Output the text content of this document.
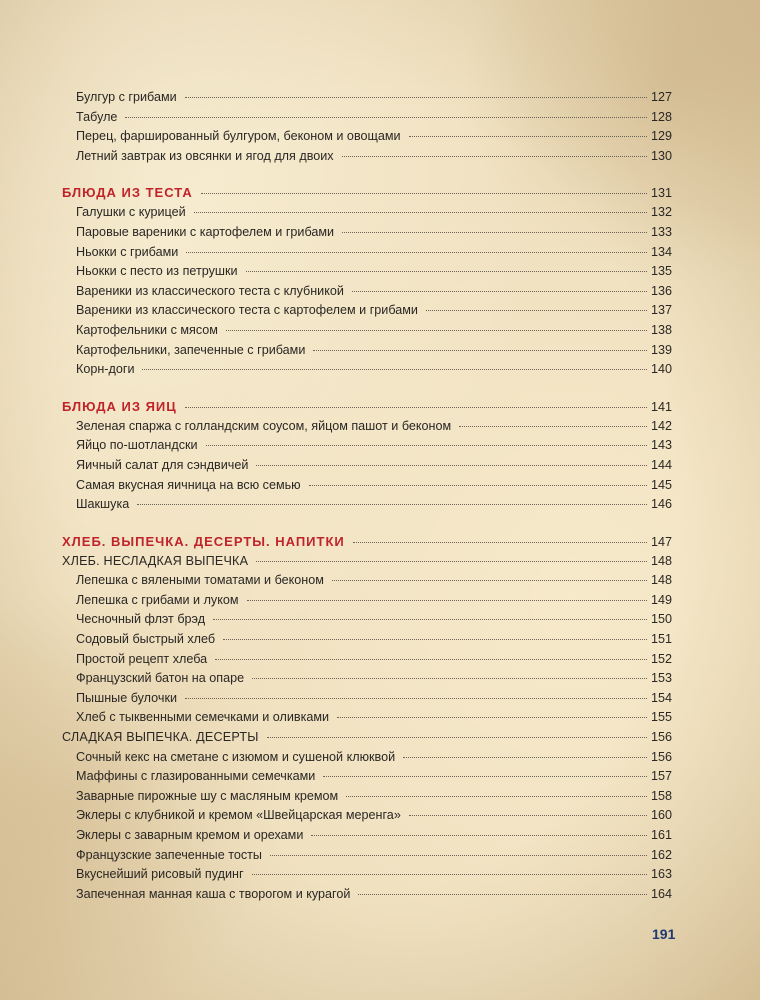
Булгур с грибами	127
Табуле	128
Перец, фаршированный булгуром, беконом и овощами	129
Летний завтрак из овсянки и ягод для двоих	130
БЛЮДА ИЗ ТЕСТА	131
Галушки с курицей	132
Паровые вареники с картофелем и грибами	133
Ньокки с грибами	134
Ньокки с песто из петрушки	135
Вареники из классического теста с клубникой	136
Вареники из классического теста с картофелем и грибами	137
Картофельники с мясом	138
Картофельники, запеченные с грибами	139
Корн-доги	140
БЛЮДА ИЗ ЯИЦ	141
Зеленая спаржа с голландским соусом, яйцом пашот и беконом	142
Яйцо по-шотландски	143
Яичный салат для сэндвичей	144
Самая вкусная яичница на всю семью	145
Шакшука	146
ХЛЕБ. ВЫПЕЧКА. ДЕСЕРТЫ. НАПИТКИ	147
ХЛЕБ. НЕСЛАДКАЯ ВЫПЕЧКА	148
Лепешка с вялеными томатами и беконом	148
Лепешка с грибами и луком	149
Чесночный флэт брэд	150
Содовый быстрый хлеб	151
Простой рецепт хлеба	152
Французский батон на опаре	153
Пышные булочки	154
Хлеб с тыквенными семечками и оливками	155
СЛАДКАЯ ВЫПЕЧКА. ДЕСЕРТЫ	156
Сочный кекс на сметане с изюмом и сушеной клюквой	156
Маффины с глазированными семечками	157
Заварные пирожные шу с масляным кремом	158
Эклеры с клубникой и кремом «Швейцарская меренга»	160
Эклеры с заварным кремом и орехами	161
Французские запеченные тосты	162
Вкуснейший рисовый пудинг	163
Запеченная манная каша с творогом и курагой	164
191
